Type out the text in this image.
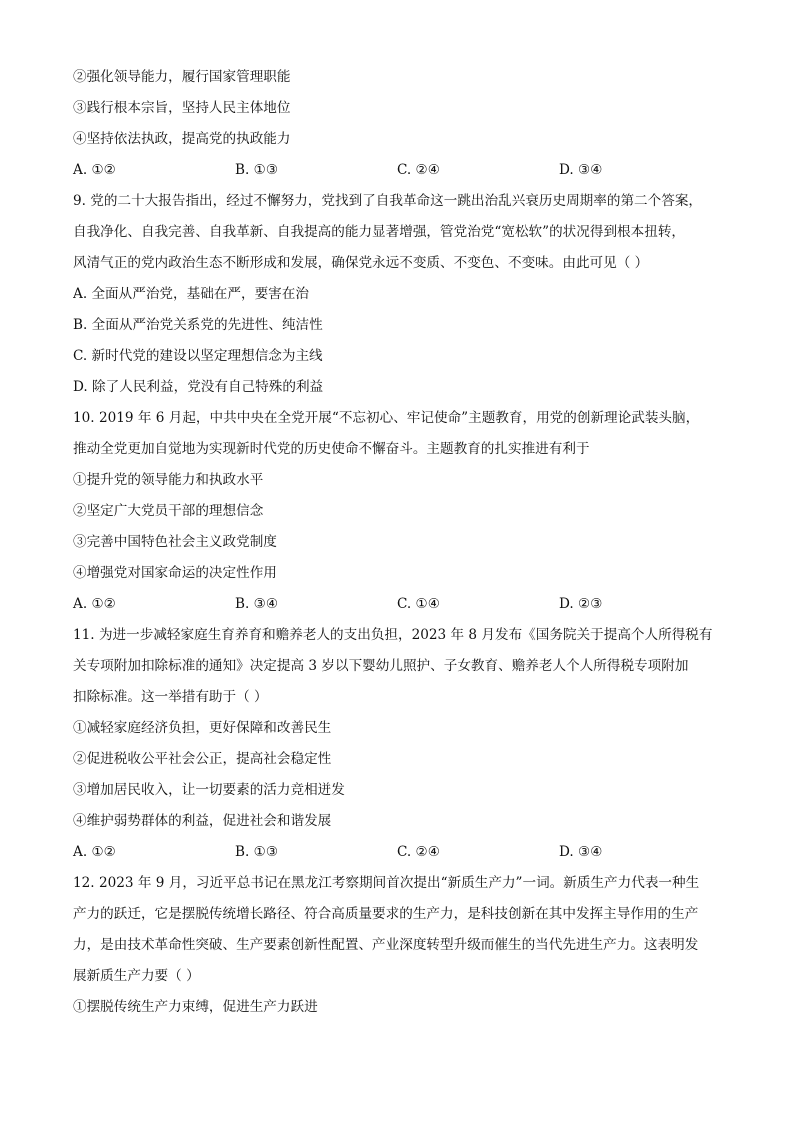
②强化领导能力，履行国家管理职能
③践行根本宗旨，坚持人民主体地位
④坚持依法执政，提高党的执政能力
A. ①②	B. ①③	C. ②④	D. ③④
9. 党的二十大报告指出，经过不懈努力，党找到了自我革命这一跳出治乱兴衰历史周期率的第二个答案，
自我净化、自我完善、自我革新、自我提高的能力显著增强，管党治党“宽松软”的状况得到根本扭转，
风清气正的党内政治生态不断形成和发展，确保党永远不变质、不变色、不变味。由此可见（ ）
A. 全面从严治党，基础在严，要害在治
B. 全面从严治党关系党的先进性、纯洁性
C. 新时代党的建设以坚定理想信念为主线
D. 除了人民利益，党没有自己特殊的利益
10. 2019 年 6 月起，中共中央在全党开展“不忘初心、牢记使命”主题教育，用党的创新理论武装头脑，
推动全党更加自觉地为实现新时代党的历史使命不懈奋斗。主题教育的扎实推进有利于
①提升党的领导能力和执政水平
②坚定广大党员干部的理想信念
③完善中国特色社会主义政党制度
④增强党对国家命运的决定性作用
A. ①②	B. ③④	C. ①④	D. ②③
11. 为进一步减轻家庭生育养育和赡养老人的支出负担，2023 年 8 月发布《国务院关于提高个人所得税有
关专项附加扣除标准的通知》决定提高 3 岁以下婴幼儿照护、子女教育、赡养老人个人所得税专项附加
扣除标准。这一举措有助于（ ）
①减轻家庭经济负担，更好保障和改善民生
②促进税收公平社会公正，提高社会稳定性
③增加居民收入，让一切要素的活力竞相迸发
④维护弱势群体的利益，促进社会和谐发展
A. ①②	B. ①③	C. ②④	D. ③④
12. 2023 年 9 月，习近平总书记在黑龙江考察期间首次提出“新质生产力”一词。新质生产力代表一种生
产力的跃迁，它是摆脱传统增长路径、符合高质量要求的生产力，是科技创新在其中发挥主导作用的生产
力，是由技术革命性突破、生产要素创新性配置、产业深度转型升级而催生的当代先进生产力。这表明发
展新质生产力要（ ）
①摆脱传统生产力束缚，促进生产力跃进
